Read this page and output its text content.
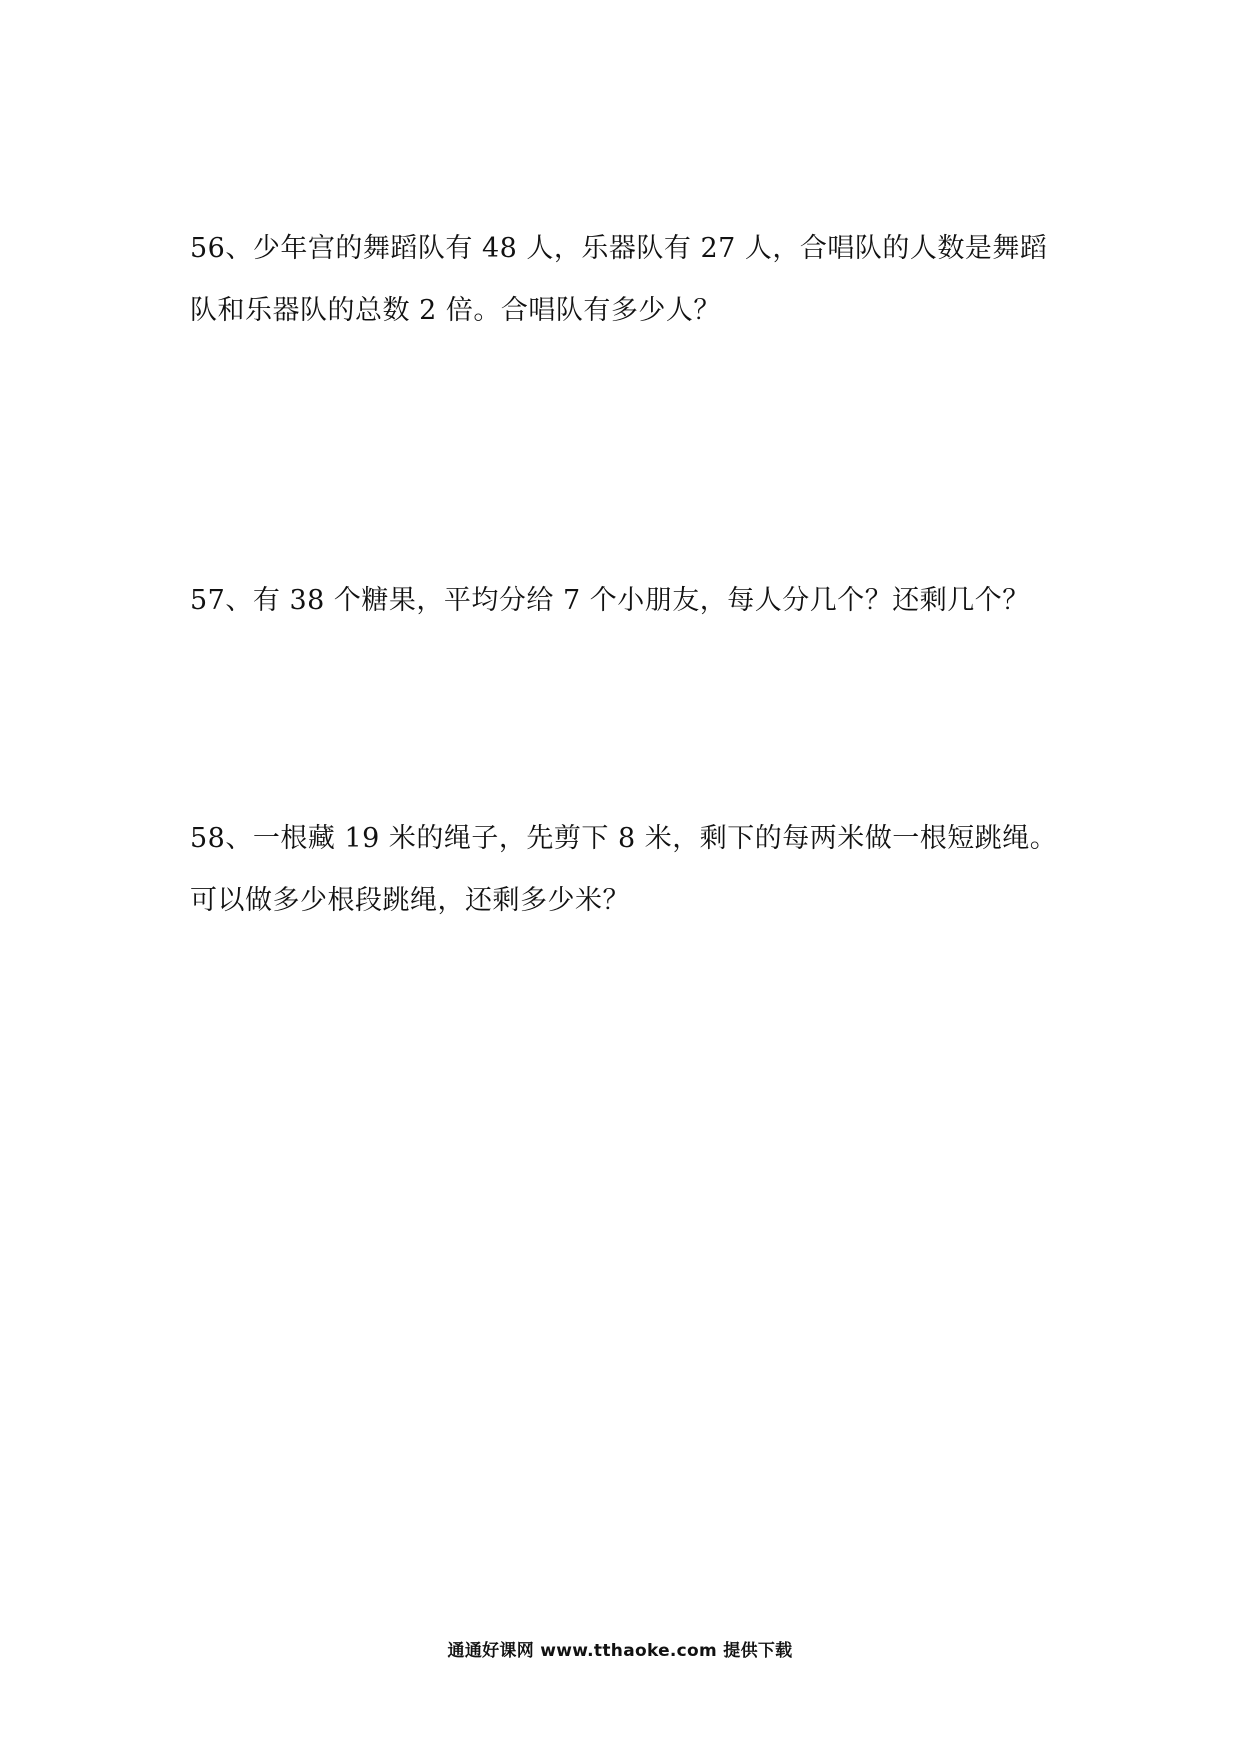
56、少年宫的舞蹈队有 48 人，乐器队有 27 人，合唱队的人数是舞蹈
队和乐器队的总数 2 倍。合唱队有多少人？
57、有 38 个糖果，平均分给 7 个小朋友，每人分几个？还剩几个？
58、一根藏 19 米的绳子，先剪下 8 米，剩下的每两米做一根短跳绳。
可以做多少根段跳绳，还剩多少米？
通通好课网 www.tthaoke.com 提供下载
